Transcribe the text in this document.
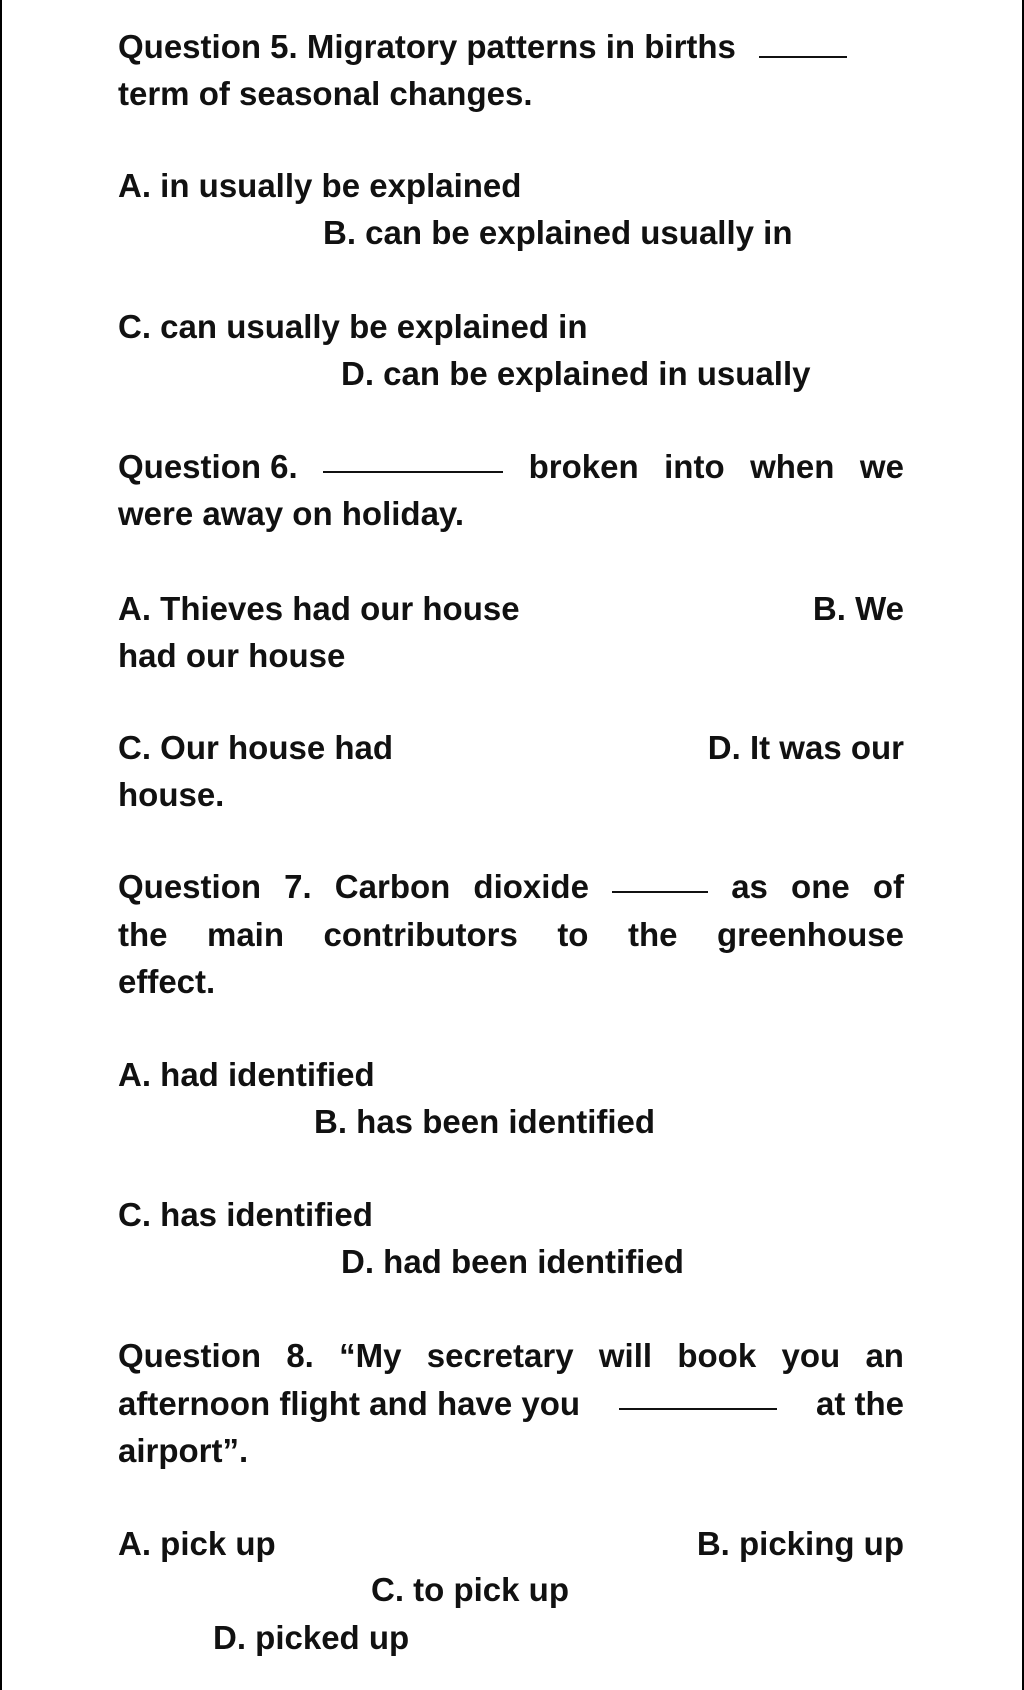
Question 5. Migratory patterns in births
term of seasonal changes.
A. in usually be explained
B. can be explained usually in
C. can usually be explained in
D. can be explained in usually
Question 6.	broken into when we
were away on holiday.
A. Thieves had our house	B. We
had our house
C. Our house had	D. It was our
house.
Question 7. Carbon dioxide	as one of
the main contributors to the greenhouse
effect.
A. had identified
B. has been identified
C. has identified
D. had been identified
Question 8. “My secretary will book you an
afternoon flight and have you	at the
airport”.
A. pick up	B. picking up
C. to pick up
D. picked up
